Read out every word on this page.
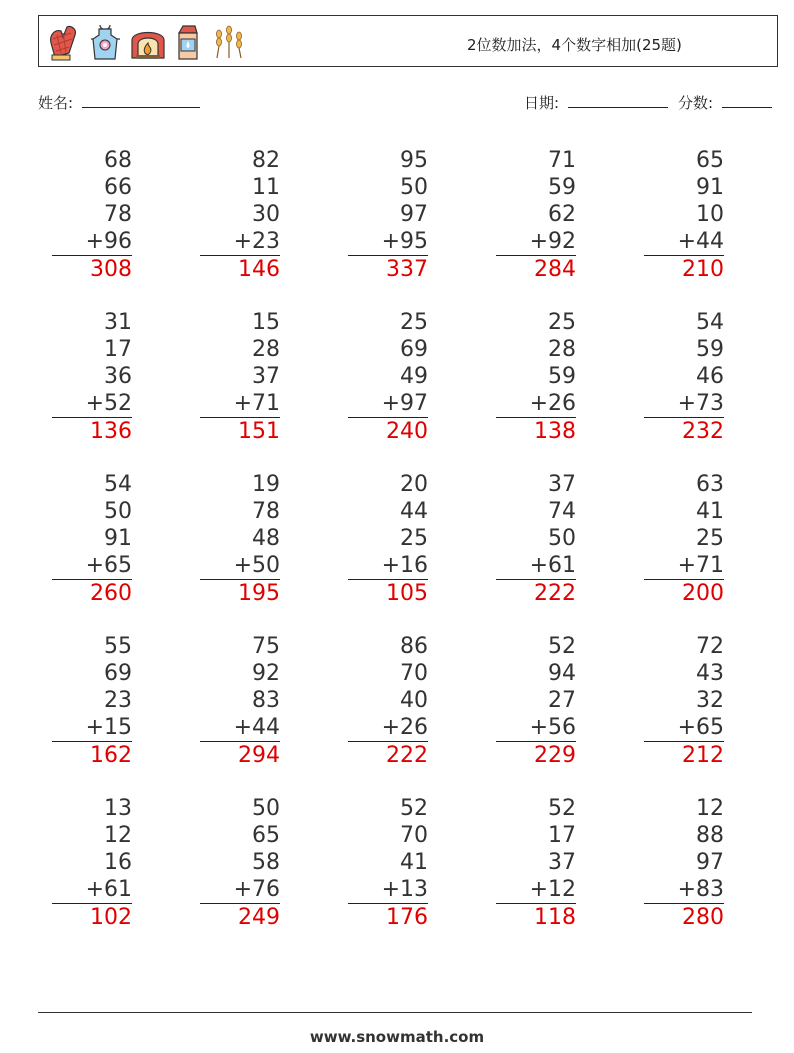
2位数加法，4个数字相加(25题)
姓名:	日期:	分数:
68
66
78
+96
308
82
11
30
+23
146
95
50
97
+95
337
71
59
62
+92
284
65
91
10
+44
210
31
17
36
+52
136
15
28
37
+71
151
25
69
49
+97
240
25
28
59
+26
138
54
59
46
+73
232
54
50
91
+65
260
19
78
48
+50
195
20
44
25
+16
105
37
74
50
+61
222
63
41
25
+71
200
55
69
23
+15
162
75
92
83
+44
294
86
70
40
+26
222
52
94
27
+56
229
72
43
32
+65
212
13
12
16
+61
102
50
65
58
+76
249
52
70
41
+13
176
52
17
37
+12
118
12
88
97
+83
280
www.snowmath.com
